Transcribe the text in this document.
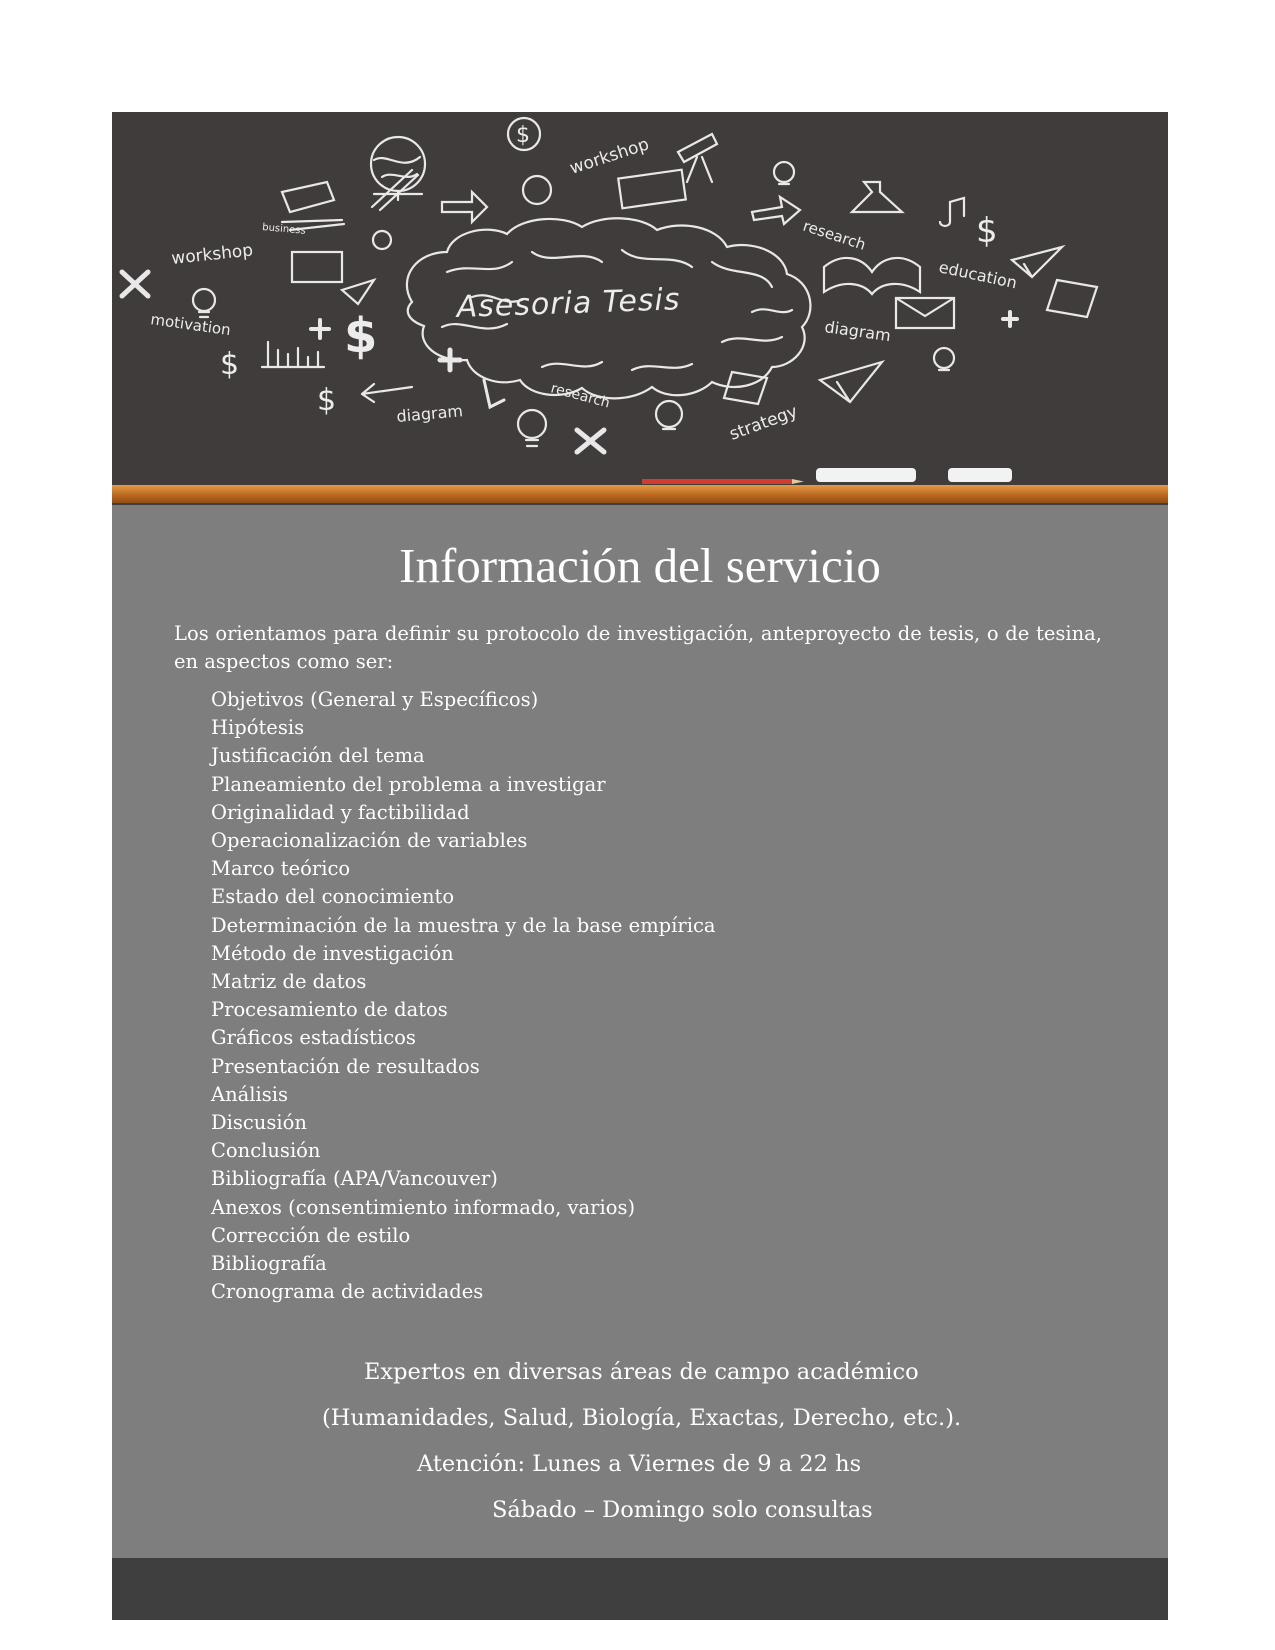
$
$
$
$
$
workshop
business
workshop
motivation
research
education
diagram
research
diagram	strategy
Asesoria Tesis
Información del servicio
Los orientamos para definir su protocolo de investigación, anteproyecto de tesis, o de tesina, en aspectos como ser:
Objetivos (General y Específicos)
Hipótesis
Justificación del tema
Planeamiento del problema a investigar
Originalidad y factibilidad
Operacionalización de variables
Marco teórico
Estado del conocimiento
Determinación de la muestra y de la base empírica
Método de investigación
Matriz de datos
Procesamiento de datos
Gráficos estadísticos
Presentación de resultados
Análisis
Discusión
Conclusión
Bibliografía (APA/Vancouver)
Anexos (consentimiento informado, varios)
Corrección de estilo
Bibliografía
Cronograma de actividades
Expertos en diversas áreas de campo académico
(Humanidades, Salud, Biología, Exactas, Derecho, etc.).
Atención: Lunes a Viernes de 9 a 22 hs
Sábado – Domingo solo consultas
